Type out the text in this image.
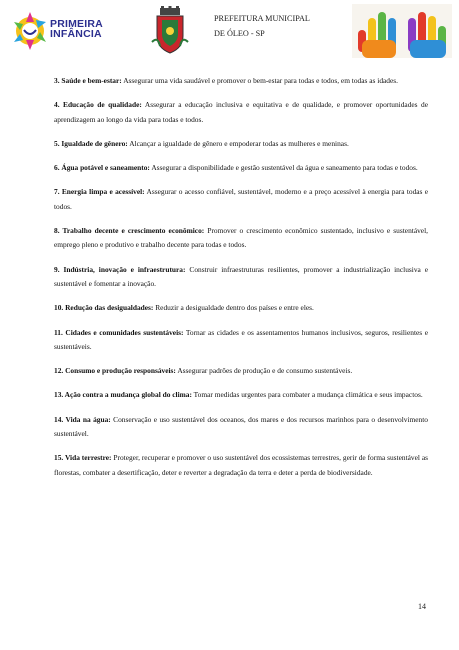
PRIMEIRA
INFÂNCIA
PREFEITURA MUNICIPAL
DE ÓLEO - SP

3. Saúde e bem-estar: Assegurar uma vida saudável e promover o bem-estar para todas e todos, em todas as idades.

4. Educação de qualidade: Assegurar a educação inclusiva e equitativa e de qualidade, e promover oportunidades de aprendizagem ao longo da vida para todas e todos.

5. Igualdade de gênero: Alcançar a igualdade de gênero e empoderar todas as mulheres e meninas.

6. Água potável e saneamento: Assegurar a disponibilidade e gestão sustentável da água e saneamento para todas e todos.

7. Energia limpa e acessível: Assegurar o acesso confiável, sustentável, moderno e a preço acessível à energia para todas e todos.

8. Trabalho decente e crescimento econômico: Promover o crescimento econômico sustentado, inclusivo e sustentável, emprego pleno e produtivo e trabalho decente para todas e todos.

9. Indústria, inovação e infraestrutura: Construir infraestruturas resilientes, promover a industrialização inclusiva e sustentável e fomentar a inovação.

10. Redução das desigualdades: Reduzir a desigualdade dentro dos países e entre eles.

11. Cidades e comunidades sustentáveis: Tornar as cidades e os assentamentos humanos inclusivos, seguros, resilientes e sustentáveis.

12. Consumo e produção responsáveis: Assegurar padrões de produção e de consumo sustentáveis.

13. Ação contra a mudança global do clima: Tomar medidas urgentes para combater a mudança climática e seus impactos.

14. Vida na água: Conservação e uso sustentável dos oceanos, dos mares e dos recursos marinhos para o desenvolvimento sustentável.

15. Vida terrestre: Proteger, recuperar e promover o uso sustentável dos ecossistemas terrestres, gerir de forma sustentável as florestas, combater a desertificação, deter e reverter a degradação da terra e deter a perda de biodiversidade.

14
